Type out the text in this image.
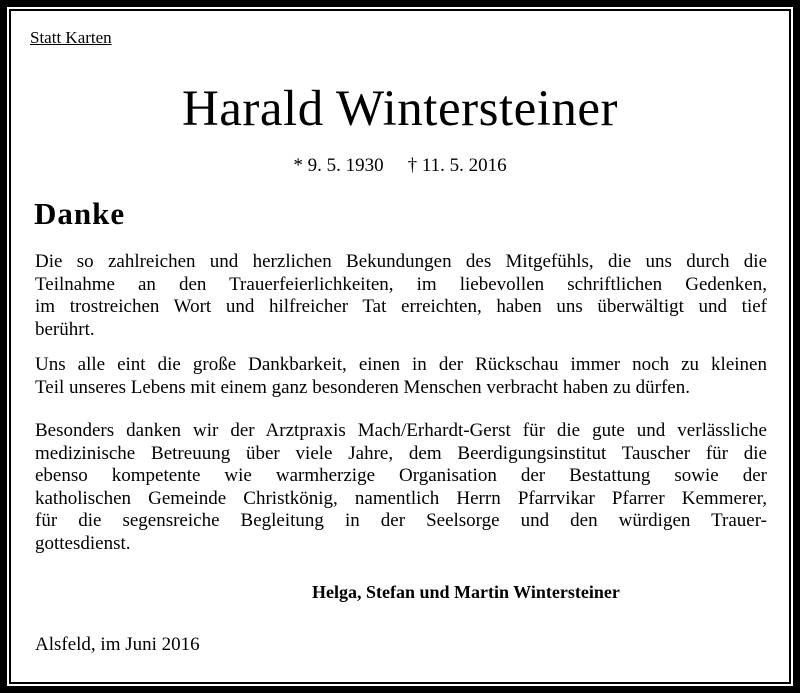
Statt Karten
Harald Wintersteiner
* 9. 5. 1930 † 11. 5. 2016
Danke
Die so zahlreichen und herzlichen Bekundungen des Mitgefühls, die uns durch die
Teilnahme an den Trauerfeierlichkeiten, im liebevollen schriftlichen Gedenken,
im trostreichen Wort und hilfreicher Tat erreichten, haben uns überwältigt und tief
berührt.
Uns alle eint die große Dankbarkeit, einen in der Rückschau immer noch zu kleinen
Teil unseres Lebens mit einem ganz besonderen Menschen verbracht haben zu dürfen.
Besonders danken wir der Arztpraxis Mach/Erhardt-Gerst für die gute und verlässliche
medizinische Betreuung über viele Jahre, dem Beerdigungsinstitut Tauscher für die
ebenso kompetente wie warmherzige Organisation der Bestattung sowie der
katholischen Gemeinde Christkönig, namentlich Herrn Pfarrvikar Pfarrer Kemmerer,
für die segensreiche Begleitung in der Seelsorge und den würdigen Trauer-
gottesdienst.
Helga, Stefan und Martin Wintersteiner
Alsfeld, im Juni 2016
